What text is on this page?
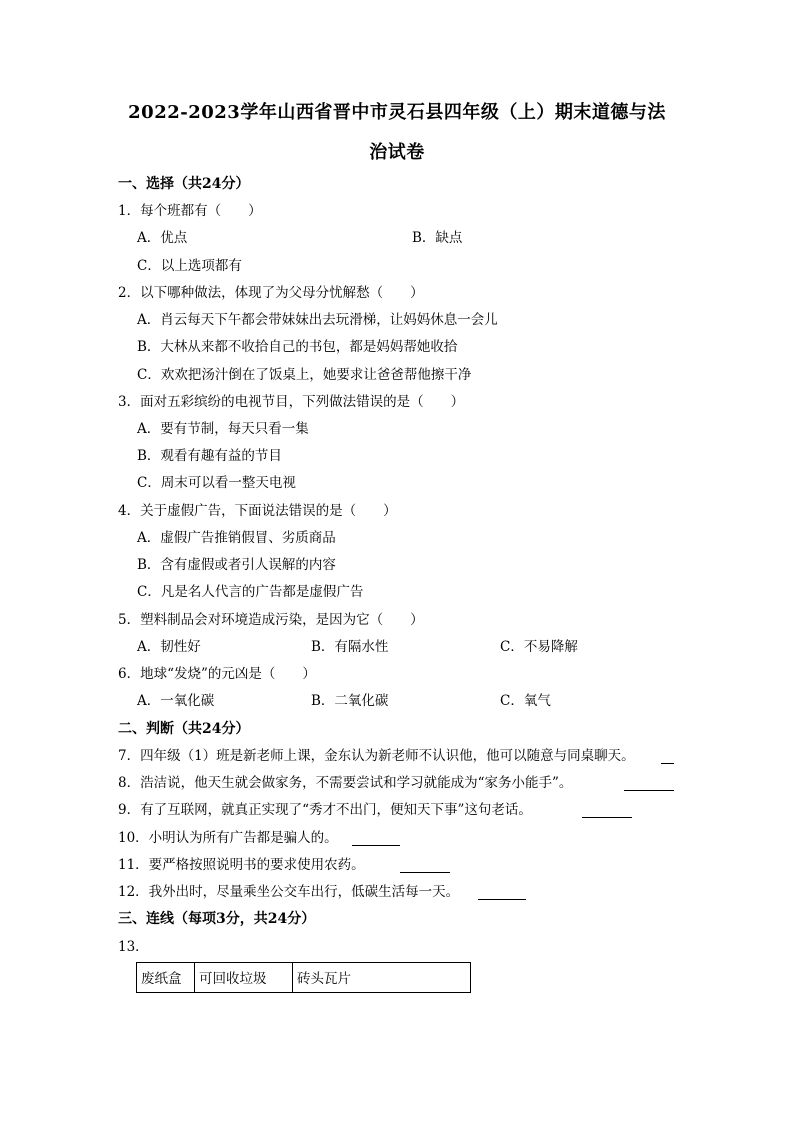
2022-2023学年山西省晋中市灵石县四年级（上）期末道德与法
治试卷
一、选择（共24分）
1．每个班都有（　　）
A．优点	B．缺点
C．以上选项都有
2．以下哪种做法，体现了为父母分忧解愁（　　）
A．肖云每天下午都会带妹妹出去玩滑梯，让妈妈休息一会儿
B．大林从来都不收拾自己的书包，都是妈妈帮她收拾
C．欢欢把汤汁倒在了饭桌上，她要求让爸爸帮他擦干净
3．面对五彩缤纷的电视节目，下列做法错误的是（　　）
A．要有节制，每天只看一集
B．观看有趣有益的节目
C．周末可以看一整天电视
4．关于虚假广告，下面说法错误的是（　　）
A．虚假广告推销假冒、劣质商品
B．含有虚假或者引人误解的内容
C．凡是名人代言的广告都是虚假广告
5．塑料制品会对环境造成污染，是因为它（　　）
A．韧性好	B．有隔水性	C．不易降解
6．地球“发烧”的元凶是（　　）
A．一氧化碳	B．二氧化碳	C．氧气
二、判断（共24分）
7．四年级（1）班是新老师上课，金东认为新老师不认识他，他可以随意与同桌聊天。
8．浩洁说，他天生就会做家务，不需要尝试和学习就能成为“家务小能手”。
9．有了互联网，就真正实现了“秀才不出门，便知天下事”这句老话。
10．小明认为所有广告都是骗人的。
11．要严格按照说明书的要求使用农药。
12．我外出时，尽量乘坐公交车出行，低碳生活每一天。
三、连线（每项3分，共24分）
13．
废纸盒	可回收垃圾	砖头瓦片
